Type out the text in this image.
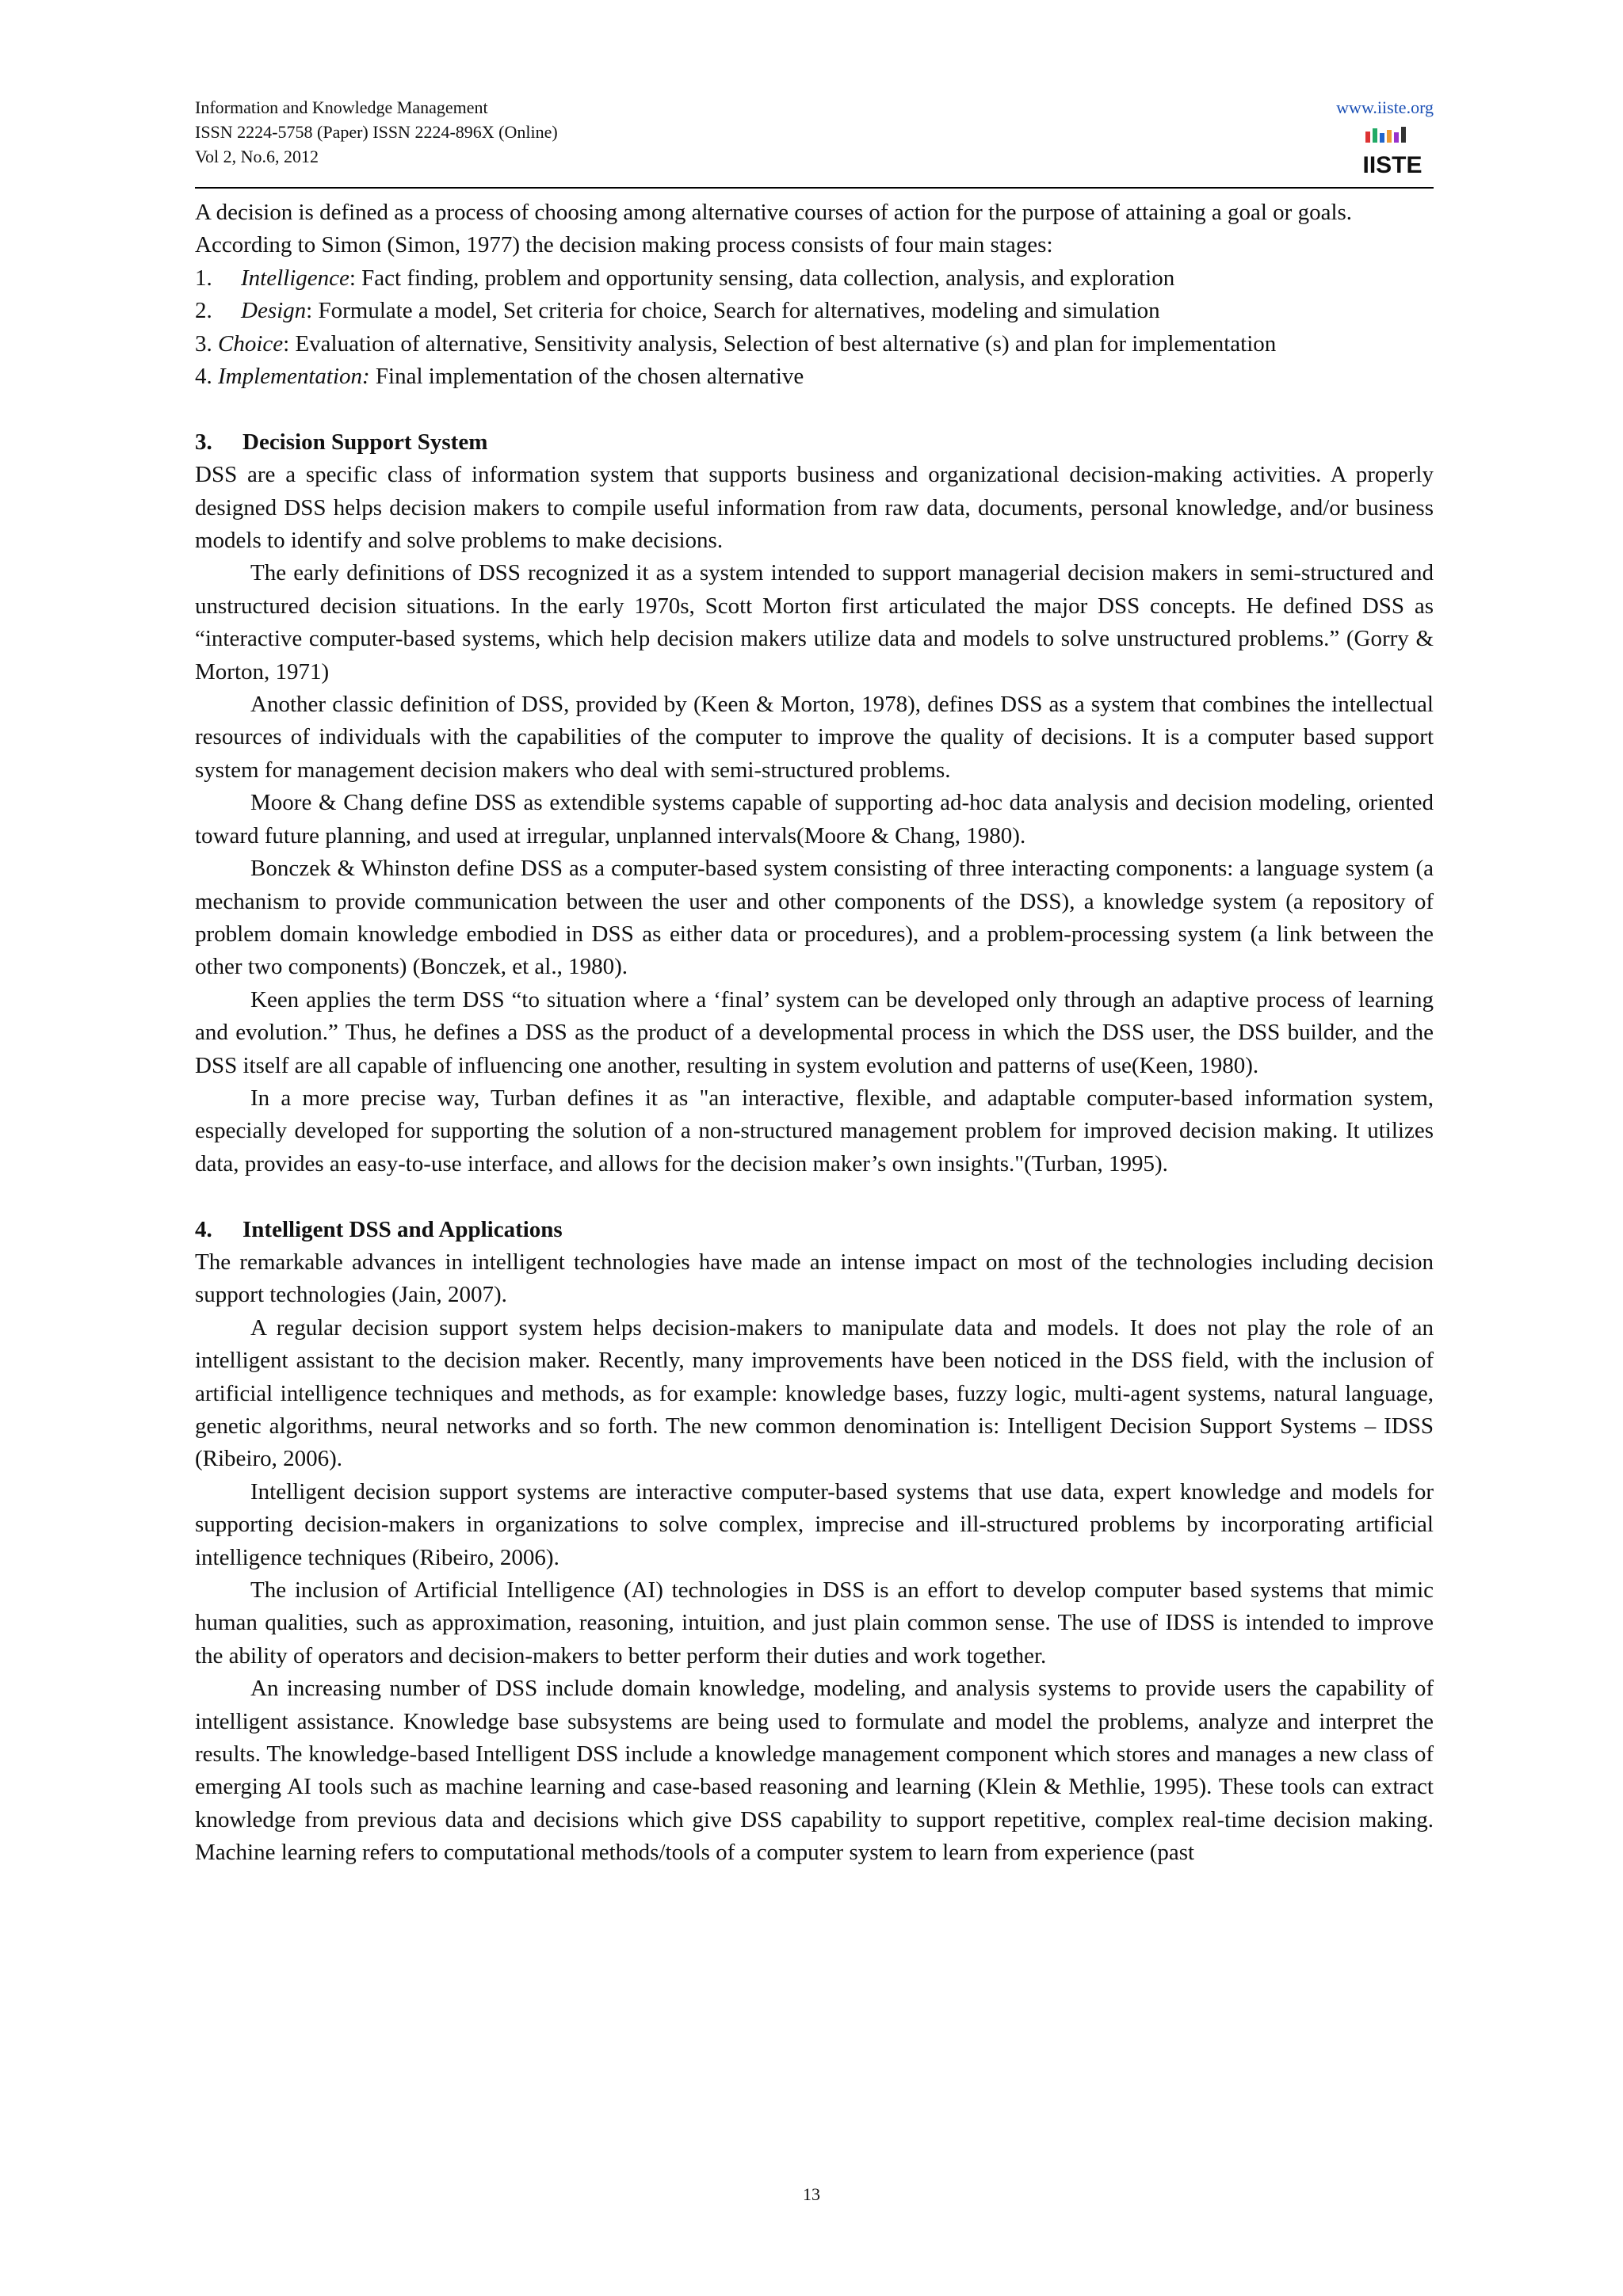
Information and Knowledge Management
ISSN 2224-5758 (Paper) ISSN 2224-896X (Online)
Vol 2, No.6, 2012
www.iiste.org
IISTE

A decision is defined as a process of choosing among alternative courses of action for the purpose of attaining a goal or goals.

According to Simon (Simon, 1977) the decision making process consists of four main stages:

1. Intelligence: Fact finding, problem and opportunity sensing, data collection, analysis, and exploration

2. Design: Formulate a model, Set criteria for choice, Search for alternatives, modeling and simulation

3. Choice: Evaluation of alternative, Sensitivity analysis, Selection of best alternative (s) and plan for implementation

4. Implementation: Final implementation of the chosen alternative

3. Decision Support System

DSS are a specific class of information system that supports business and organizational decision-making activities. A properly designed DSS helps decision makers to compile useful information from raw data, documents, personal knowledge, and/or business models to identify and solve problems to make decisions.

The early definitions of DSS recognized it as a system intended to support managerial decision makers in semi-structured and unstructured decision situations. In the early 1970s, Scott Morton first articulated the major DSS concepts. He defined DSS as “interactive computer-based systems, which help decision makers utilize data and models to solve unstructured problems.” (Gorry & Morton, 1971)

Another classic definition of DSS, provided by (Keen & Morton, 1978), defines DSS as a system that combines the intellectual resources of individuals with the capabilities of the computer to improve the quality of decisions. It is a computer based support system for management decision makers who deal with semi-structured problems.

Moore & Chang define DSS as extendible systems capable of supporting ad-hoc data analysis and decision modeling, oriented toward future planning, and used at irregular, unplanned intervals(Moore & Chang, 1980).

Bonczek & Whinston define DSS as a computer-based system consisting of three interacting components: a language system (a mechanism to provide communication between the user and other components of the DSS), a knowledge system (a repository of problem domain knowledge embodied in DSS as either data or procedures), and a problem-processing system (a link between the other two components) (Bonczek, et al., 1980).

Keen applies the term DSS “to situation where a ‘final’ system can be developed only through an adaptive process of learning and evolution.” Thus, he defines a DSS as the product of a developmental process in which the DSS user, the DSS builder, and the DSS itself are all capable of influencing one another, resulting in system evolution and patterns of use(Keen, 1980).

In a more precise way, Turban defines it as "an interactive, flexible, and adaptable computer-based information system, especially developed for supporting the solution of a non-structured management problem for improved decision making. It utilizes data, provides an easy-to-use interface, and allows for the decision maker’s own insights."(Turban, 1995).

4. Intelligent DSS and Applications

The remarkable advances in intelligent technologies have made an intense impact on most of the technologies including decision support technologies (Jain, 2007).

A regular decision support system helps decision-makers to manipulate data and models. It does not play the role of an intelligent assistant to the decision maker. Recently, many improvements have been noticed in the DSS field, with the inclusion of artificial intelligence techniques and methods, as for example: knowledge bases, fuzzy logic, multi-agent systems, natural language, genetic algorithms, neural networks and so forth. The new common denomination is: Intelligent Decision Support Systems – IDSS (Ribeiro, 2006).

Intelligent decision support systems are interactive computer-based systems that use data, expert knowledge and models for supporting decision-makers in organizations to solve complex, imprecise and ill-structured problems by incorporating artificial intelligence techniques (Ribeiro, 2006).

The inclusion of Artificial Intelligence (AI) technologies in DSS is an effort to develop computer based systems that mimic human qualities, such as approximation, reasoning, intuition, and just plain common sense. The use of IDSS is intended to improve the ability of operators and decision-makers to better perform their duties and work together.

An increasing number of DSS include domain knowledge, modeling, and analysis systems to provide users the capability of intelligent assistance. Knowledge base subsystems are being used to formulate and model the problems, analyze and interpret the results. The knowledge-based Intelligent DSS include a knowledge management component which stores and manages a new class of emerging AI tools such as machine learning and case-based reasoning and learning (Klein & Methlie, 1995). These tools can extract knowledge from previous data and decisions which give DSS capability to support repetitive, complex real-time decision making. Machine learning refers to computational methods/tools of a computer system to learn from experience (past

13
